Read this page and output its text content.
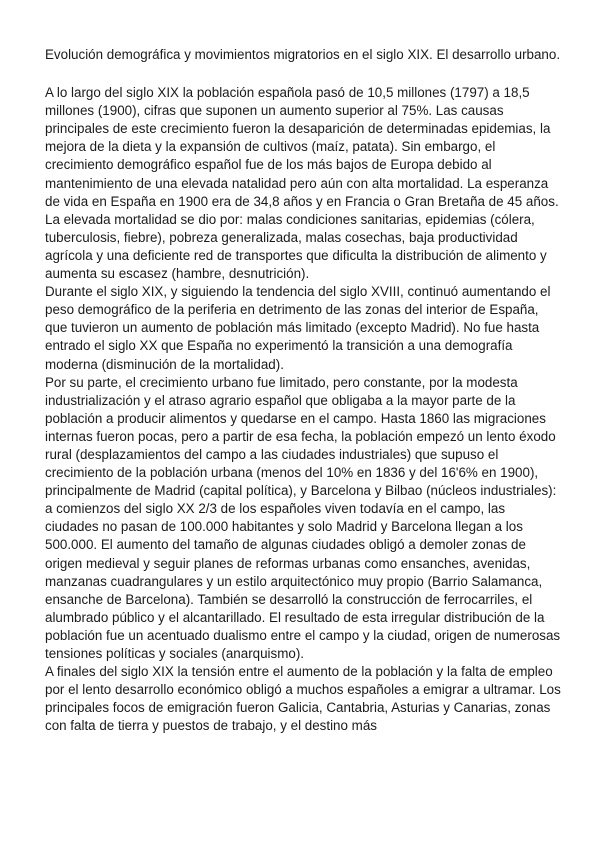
Evolución demográfica y movimientos migratorios en el siglo XIX. El desarrollo urbano.

A lo largo del siglo XIX la población española pasó de 10,5 millones (1797) a 18,5 millones (1900), cifras que suponen un aumento superior al 75%. Las causas principales de este crecimiento fueron la desaparición de determinadas epidemias, la mejora de la dieta y la expansión de cultivos (maíz, patata). Sin embargo, el crecimiento demográfico español fue de los más bajos de Europa debido al mantenimiento de una elevada natalidad pero aún con alta mortalidad. La esperanza de vida en España en 1900 era de 34,8 años y en Francia o Gran Bretaña de 45 años. La elevada mortalidad se dio por: malas condiciones sanitarias, epidemias (cólera, tuberculosis, fiebre), pobreza generalizada, malas cosechas, baja productividad agrícola y una deficiente red de transportes que dificulta la distribución de alimento y aumenta su escasez (hambre, desnutrición).

Durante el siglo XIX, y siguiendo la tendencia del siglo XVIII, continuó aumentando el peso demográfico de la periferia en detrimento de las zonas del interior de España, que tuvieron un aumento de población más limitado (excepto Madrid). No fue hasta entrado el siglo XX que España no experimentó la transición a una demografía moderna (disminución de la mortalidad).

Por su parte, el crecimiento urbano fue limitado, pero constante, por la modesta industrialización y el atraso agrario español que obligaba a la mayor parte de la población a producir alimentos y quedarse en el campo. Hasta 1860 las migraciones internas fueron pocas, pero a partir de esa fecha, la población empezó un lento éxodo rural (desplazamientos del campo a las ciudades industriales) que supuso el crecimiento de la población urbana (menos del 10% en 1836 y del 16'6% en 1900), principalmente de Madrid (capital política), y Barcelona y Bilbao (núcleos industriales): a comienzos del siglo XX 2/3 de los españoles viven todavía en el campo, las ciudades no pasan de 100.000 habitantes y solo Madrid y Barcelona llegan a los 500.000. El aumento del tamaño de algunas ciudades obligó a demoler zonas de origen medieval y seguir planes de reformas urbanas como ensanches, avenidas, manzanas cuadrangulares y un estilo arquitectónico muy propio (Barrio Salamanca, ensanche de Barcelona). También se desarrolló la construcción de ferrocarriles, el alumbrado público y el alcantarillado. El resultado de esta irregular distribución de la población fue un acentuado dualismo entre el campo y la ciudad, origen de numerosas tensiones políticas y sociales (anarquismo).

A finales del siglo XIX la tensión entre el aumento de la población y la falta de empleo por el lento desarrollo económico obligó a muchos españoles a emigrar a ultramar. Los principales focos de emigración fueron Galicia, Cantabria, Asturias y Canarias, zonas con falta de tierra y puestos de trabajo, y el destino más
